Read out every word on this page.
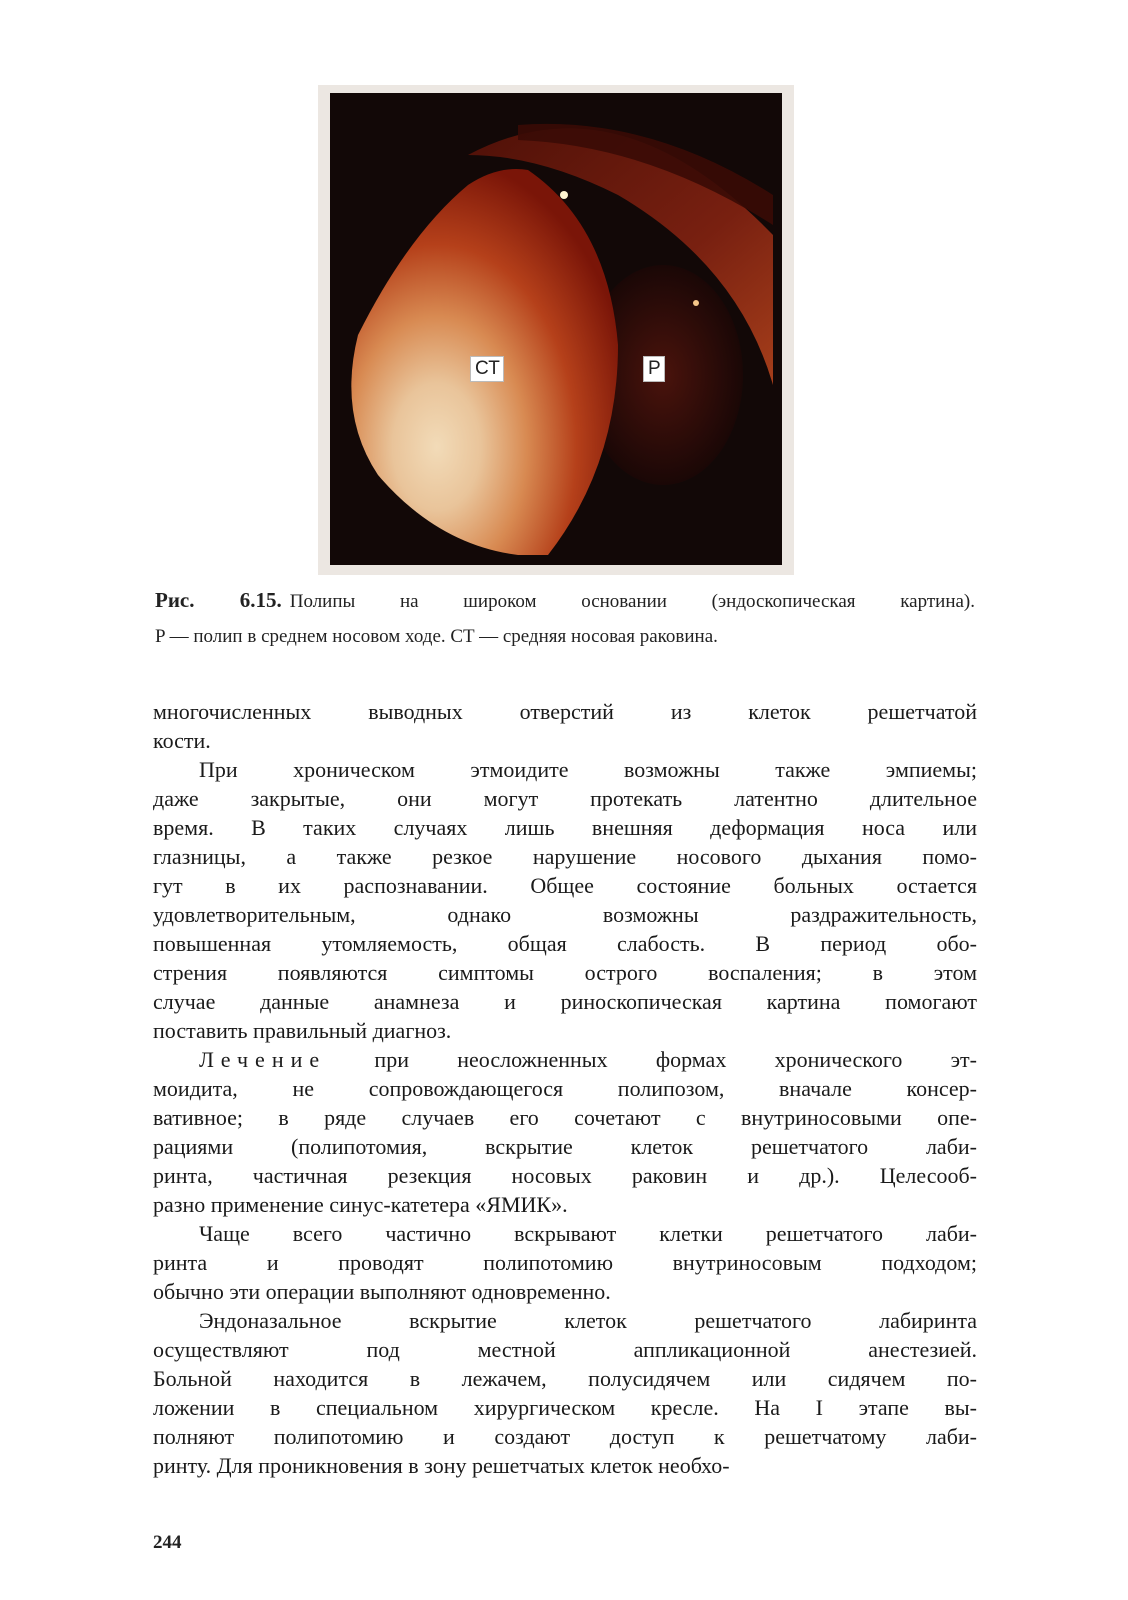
CT	P
Рис. 6.15. Полипы на широком основании (эндоскопическая картина).
P — полип в среднем носовом ходе. CT — средняя носовая раковина.
многочисленных выводных отверстий из клеток решетчатой
кости.
При хроническом этмоидите возможны также эмпиемы;
даже закрытые, они могут протекать латентно длительное
время. В таких случаях лишь внешняя деформация носа или
глазницы, а также резкое нарушение носового дыхания помо-
гут в их распознавании. Общее состояние больных остается
удовлетворительным, однако возможны раздражительность,
повышенная утомляемость, общая слабость. В период обо-
стрения появляются симптомы острого воспаления; в этом
случае данные анамнеза и риноскопическая картина помогают
поставить правильный диагноз.
Лечение при неосложненных формах хронического эт-
моидита, не сопровождающегося полипозом, вначале консер-
вативное; в ряде случаев его сочетают с внутриносовыми опе-
рациями (полипотомия, вскрытие клеток решетчатого лаби-
ринта, частичная резекция носовых раковин и др.). Целесооб-
разно применение синус-катетера «ЯМИК».
Чаще всего частично вскрывают клетки решетчатого лаби-
ринта и проводят полипотомию внутриносовым подходом;
обычно эти операции выполняют одновременно.
Эндоназальное вскрытие клеток решетчатого лабиринта
осуществляют под местной аппликационной анестезией.
Больной находится в лежачем, полусидячем или сидячем по-
ложении в специальном хирургическом кресле. На I этапе вы-
полняют полипотомию и создают доступ к решетчатому лаби-
ринту. Для проникновения в зону решетчатых клеток необхо-
244
